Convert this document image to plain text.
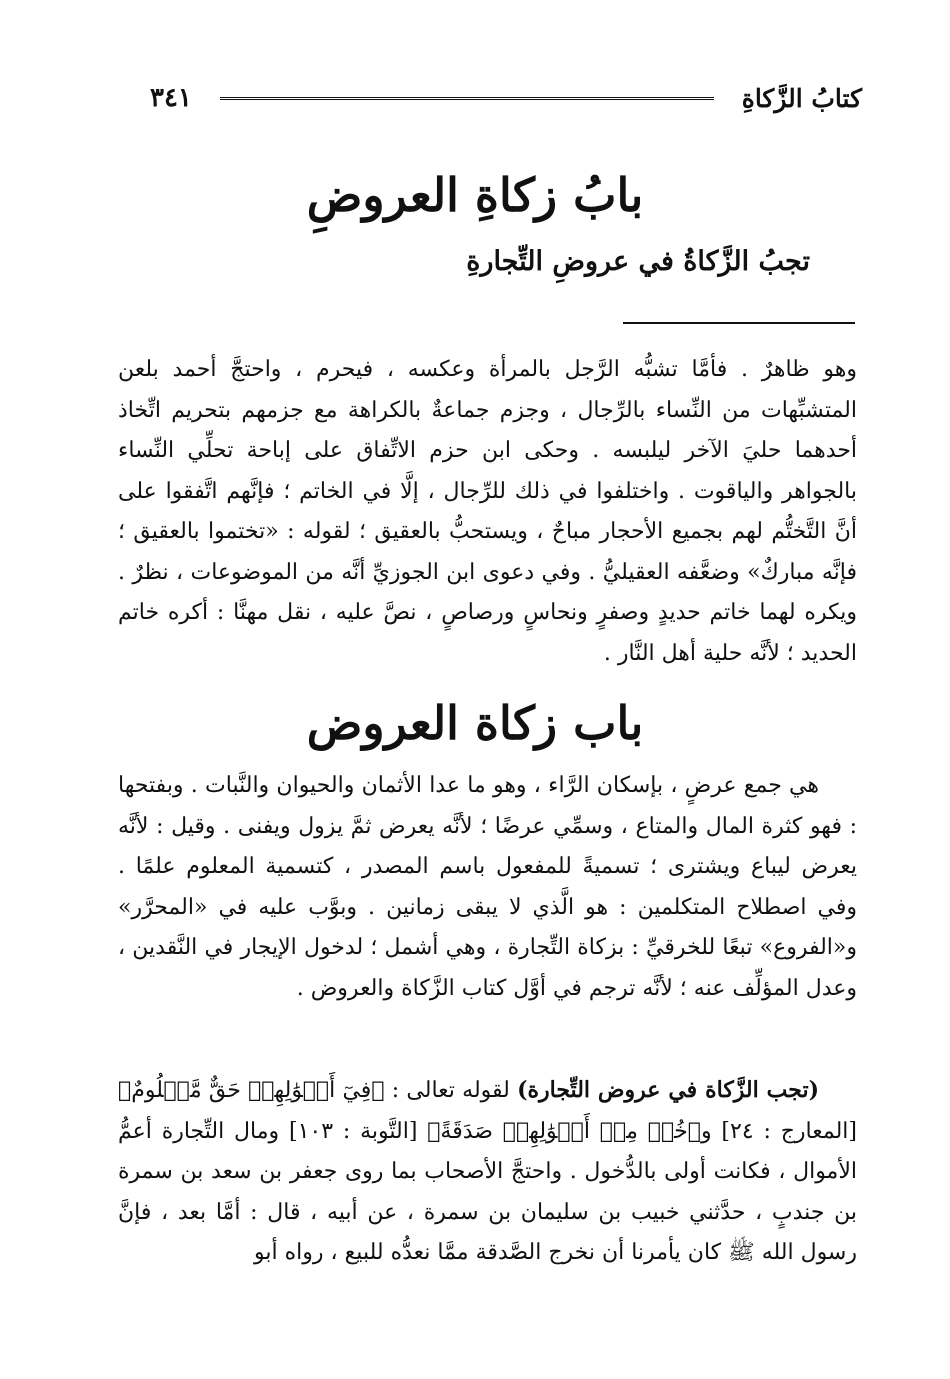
كتابُ الزَّكاةِ
٣٤١
بابُ زكاةِ العروضِ
تجبُ الزَّكاةُ في عروضِ التِّجارةِ

وهو ظاهرٌ . فأمَّا تشبُّه الرَّجل بالمرأة وعكسه ، فيحرم ، واحتجَّ أحمد بلعن المتشبِّهات من النِّساء بالرِّجال ، وجزم جماعةٌ بالكراهة مع جزمهم بتحريم اتِّخاذ أحدهما حليَ الآخر ليلبسه . وحكى ابن حزم الاتِّفاق على إباحة تحلِّي النِّساء بالجواهر والياقوت . واختلفوا في ذلك للرِّجال ، إلَّا في الخاتم ؛ فإنَّهم اتَّفقوا على أنَّ التَّختُّم لهم بجميع الأحجار مباحٌ ، ويستحبُّ بالعقيق ؛ لقوله : «تختموا بالعقيق ؛ فإنَّه مباركٌ» وضعَّفه العقيليُّ . وفي دعوى ابن الجوزيِّ أنَّه من الموضوعات ، نظرٌ . ويكره لهما خاتم حديدٍ وصفرٍ ونحاسٍ ورصاصٍ ، نصَّ عليه ، نقل مهنَّا : أكره خاتم الحديد ؛ لأنَّه حلية أهل النَّار .

باب زكاة العروض

هي جمع عرضٍ ، بإسكان الرَّاء ، وهو ما عدا الأثمان والحيوان والنَّبات . وبفتحها : فهو كثرة المال والمتاع ، وسمِّي عرضًا ؛ لأنَّه يعرض ثمَّ يزول ويفنى . وقيل : لأنَّه يعرض ليباع ويشترى ؛ تسميةً للمفعول باسم المصدر ، كتسمية المعلوم علمًا . وفي اصطلاح المتكلمين : هو الَّذي لا يبقى زمانين . وبوَّب عليه في «المحرَّر» و«الفروع» تبعًا للخرقيِّ : بزكاة التِّجارة ، وهي أشمل ؛ لدخول الإيجار في النَّقدين ، وعدل المؤلِّف عنه ؛ لأنَّه ترجم في أوَّل كتاب الزَّكاة والعروض .

(تجب الزَّكاة في عروض التِّجارة) لقوله تعالى : ﴿فِيٓ أَمۡوَٰلِهِمۡ حَقٌّ مَّعۡلُومٌ﴾ [المعارج : ٢٤] و﴿خُذۡ مِنۡ أَمۡوَٰلِهِمۡ صَدَقَةً﴾ [التَّوبة : ١٠٣] ومال التِّجارة أعمُّ الأموال ، فكانت أولى بالدُّخول . واحتجَّ الأصحاب بما روى جعفر بن سعد بن سمرة بن جندبٍ ، حدَّثني خبيب بن سليمان بن سمرة ، عن أبيه ، قال : أمَّا بعد ، فإنَّ رسول الله ﷺ كان يأمرنا أن نخرج الصَّدقة ممَّا نعدُّه للبيع ، رواه أبو
